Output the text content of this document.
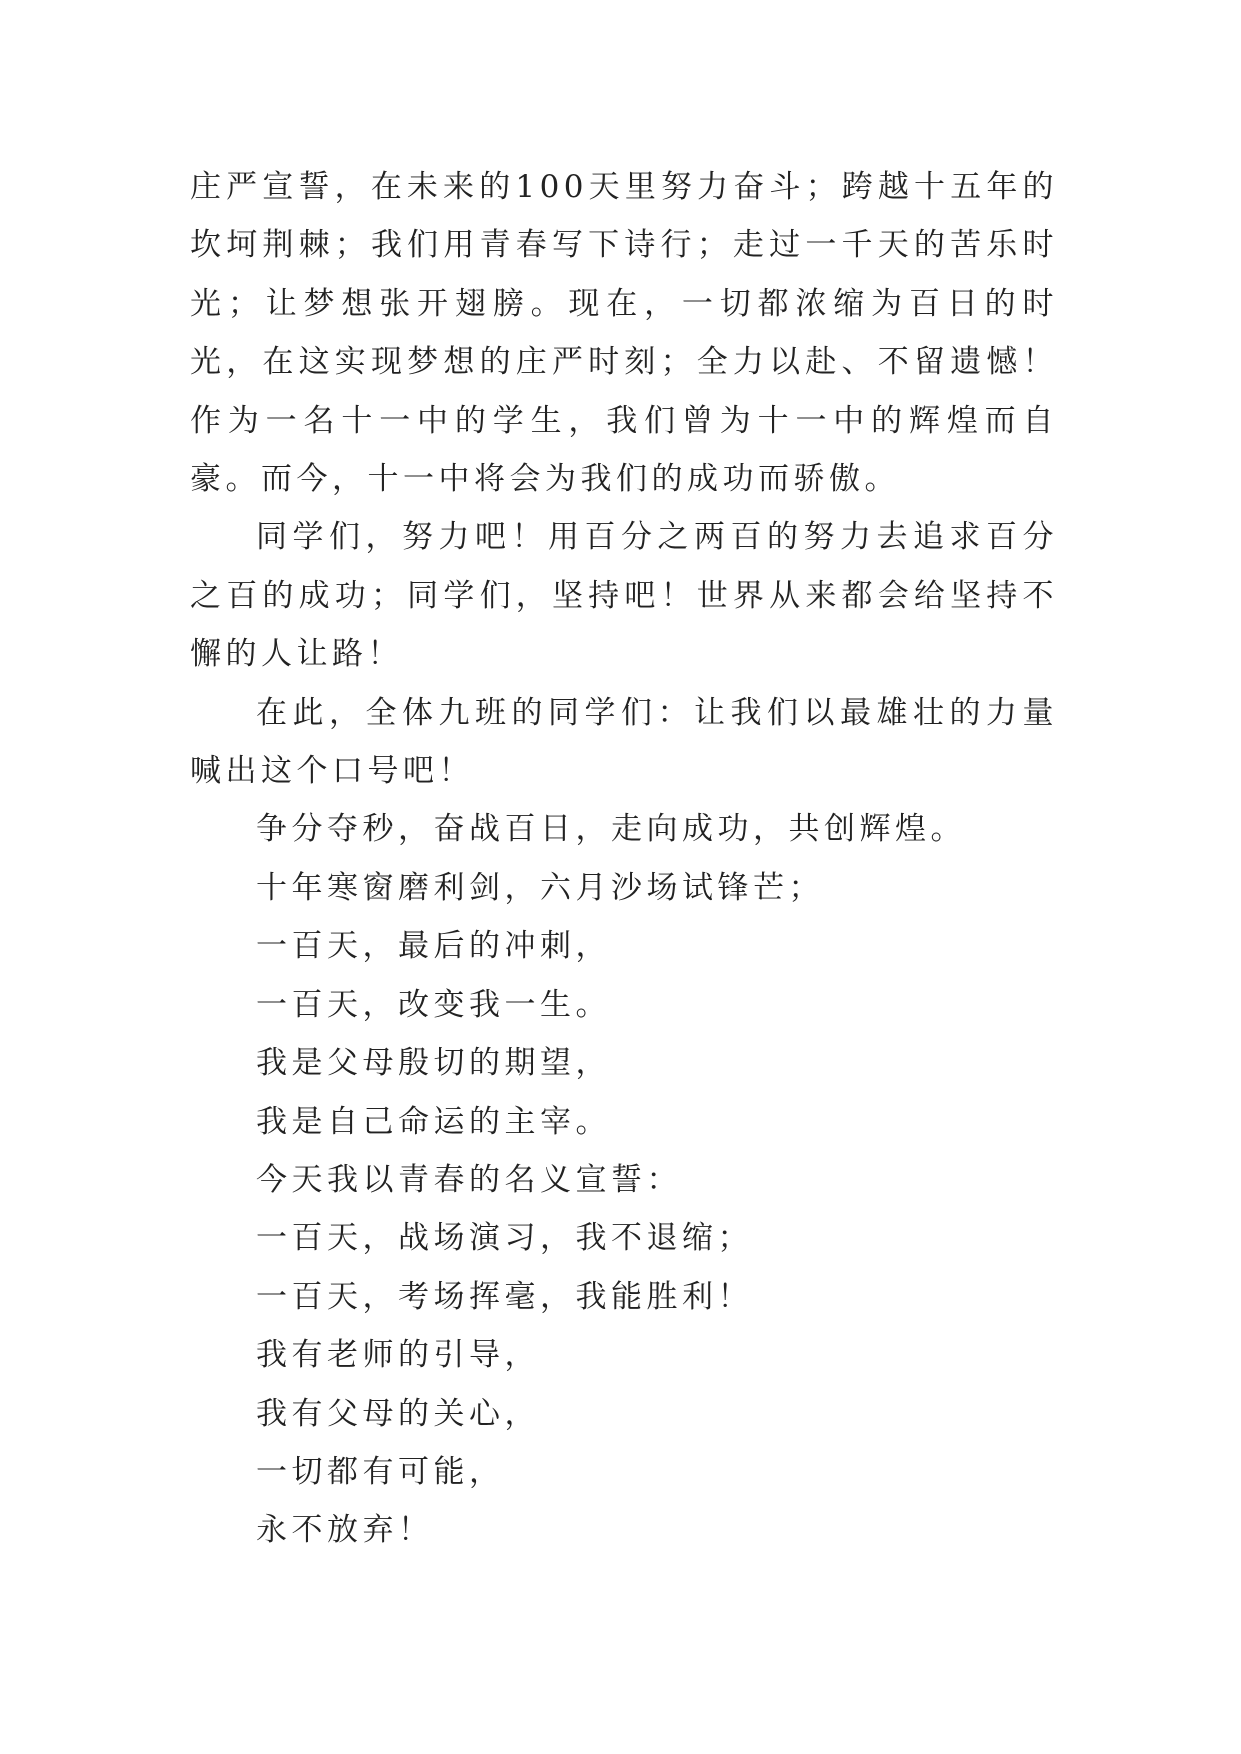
庄严宣誓，在未来的100天里努力奋斗；跨越十五年的坎坷荆棘；我们用青春写下诗行；走过一千天的苦乐时光；让梦想张开翅膀。现在，一切都浓缩为百日的时光，在这实现梦想的庄严时刻；全力以赴、不留遗憾！作为一名十一中的学生，我们曾为十一中的辉煌而自豪。而今，十一中将会为我们的成功而骄傲。

同学们，努力吧！用百分之两百的努力去追求百分之百的成功；同学们，坚持吧！世界从来都会给坚持不懈的人让路！

在此，全体九班的同学们：让我们以最雄壮的力量喊出这个口号吧！

争分夺秒，奋战百日，走向成功，共创辉煌。

十年寒窗磨利剑，六月沙场试锋芒；

一百天，最后的冲刺，

一百天，改变我一生。

我是父母殷切的期望，

我是自己命运的主宰。

今天我以青春的名义宣誓：

一百天，战场演习，我不退缩；

一百天，考场挥毫，我能胜利！

我有老师的引导，

我有父母的关心，

一切都有可能，

永不放弃！
